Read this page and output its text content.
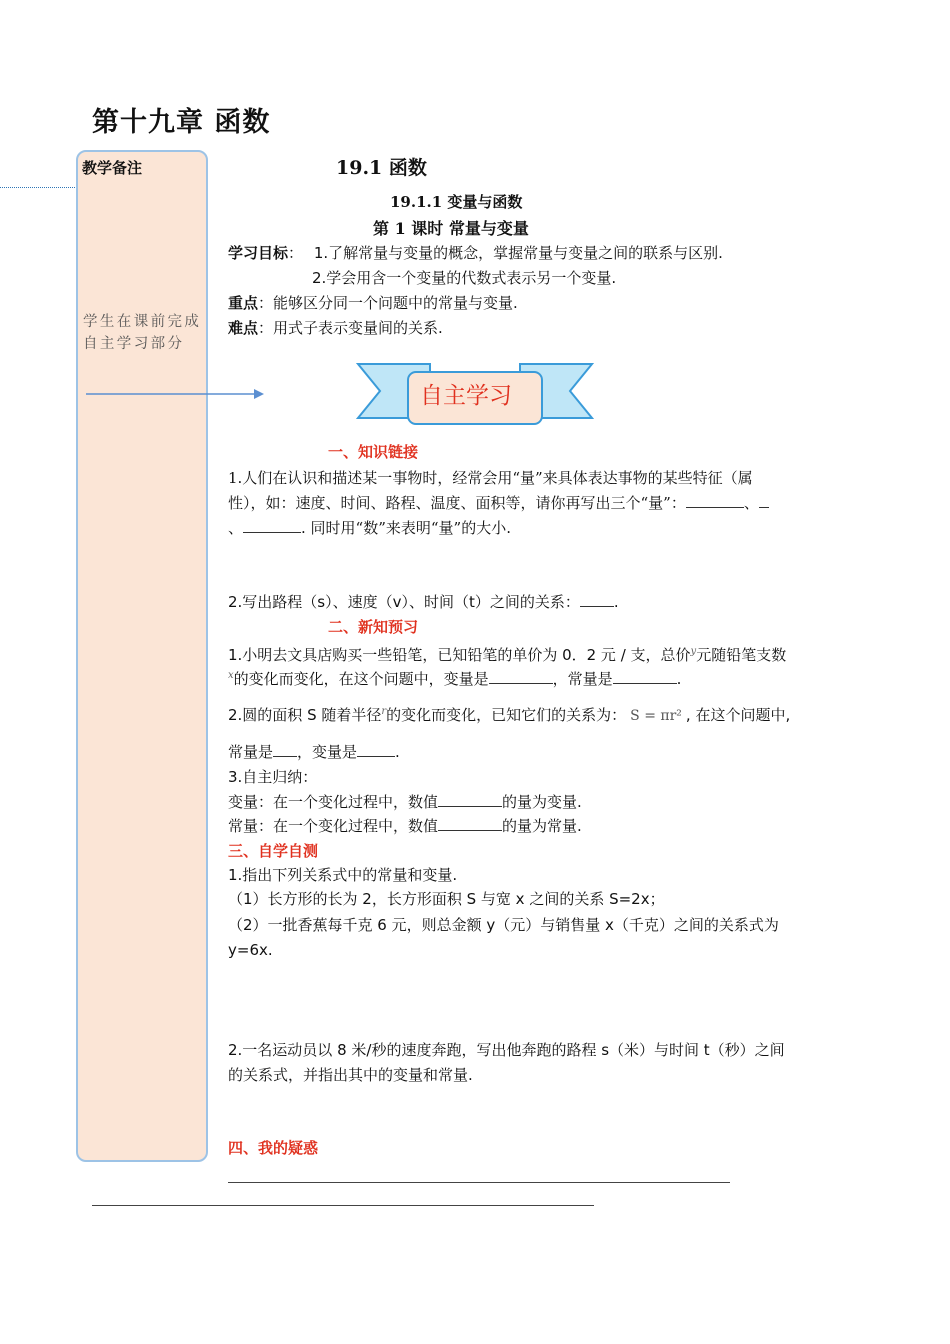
第十九章 函数
教学备注
学生在课前完成自主学习部分
19.1 函数
19.1.1 变量与函数
第 1 课时 常量与变量
学习目标： 1.了解常量与变量的概念，掌握常量与变量之间的联系与区别.
2.学会用含一个变量的代数式表示另一个变量.
重点：能够区分同一个问题中的常量与变量.
难点：用式子表示变量间的关系.
自主学习
一、知识链接
1.人们在认识和描述某一事物时，经常会用“量”来具体表达事物的某些特征（属
性），如：速度、时间、路程、温度、面积等，请你再写出三个“量”：	、
、	. 同时用“数”来表明“量”的大小.
2.写出路程（s）、速度（v）、时间（t）之间的关系： .
二、新知预习
1.小明去文具店购买一些铅笔，已知铅笔的单价为 0．2 元 / 支，总价$^y$元随铅笔支数
$^x$的变化而变化，在这个问题中，变量是	，常量是	.
2.圆的面积 S 随着半径$^r$的变化而变化，已知它们的关系为： S = πr² , 在这个问题中,
常量是 ，变量是	.
3.自主归纳：
变量：在一个变化过程中，数值	的量为变量.
常量：在一个变化过程中，数值	的量为常量.
三、自学自测
1.指出下列关系式中的常量和变量.
（1）长方形的长为 2，长方形面积 S 与宽 x 之间的关系 S=2x；
（2）一批香蕉每千克 6 元，则总金额 y（元）与销售量 x（千克）之间的关系式为
y=6x.
2.一名运动员以 8 米/秒的速度奔跑，写出他奔跑的路程 s（米）与时间 t（秒）之间
的关系式，并指出其中的变量和常量.
四、我的疑惑
